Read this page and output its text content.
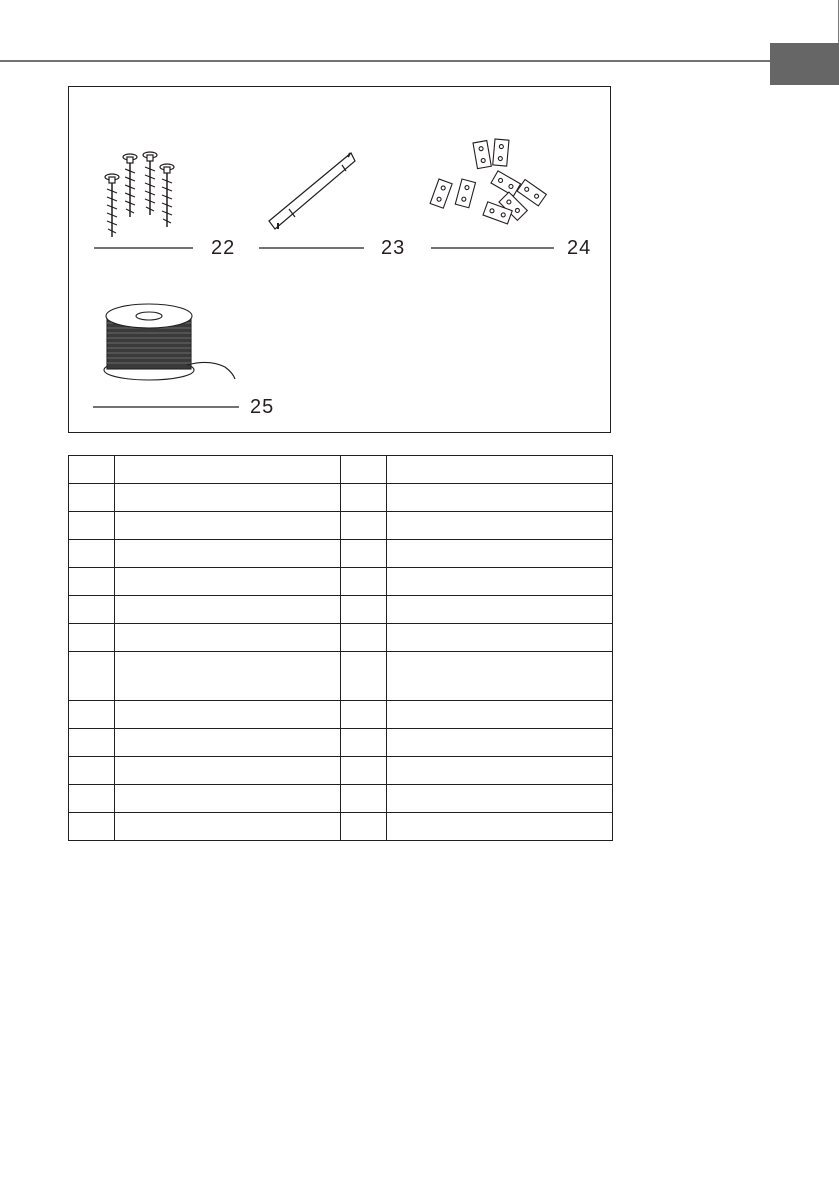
22	23	24
25
